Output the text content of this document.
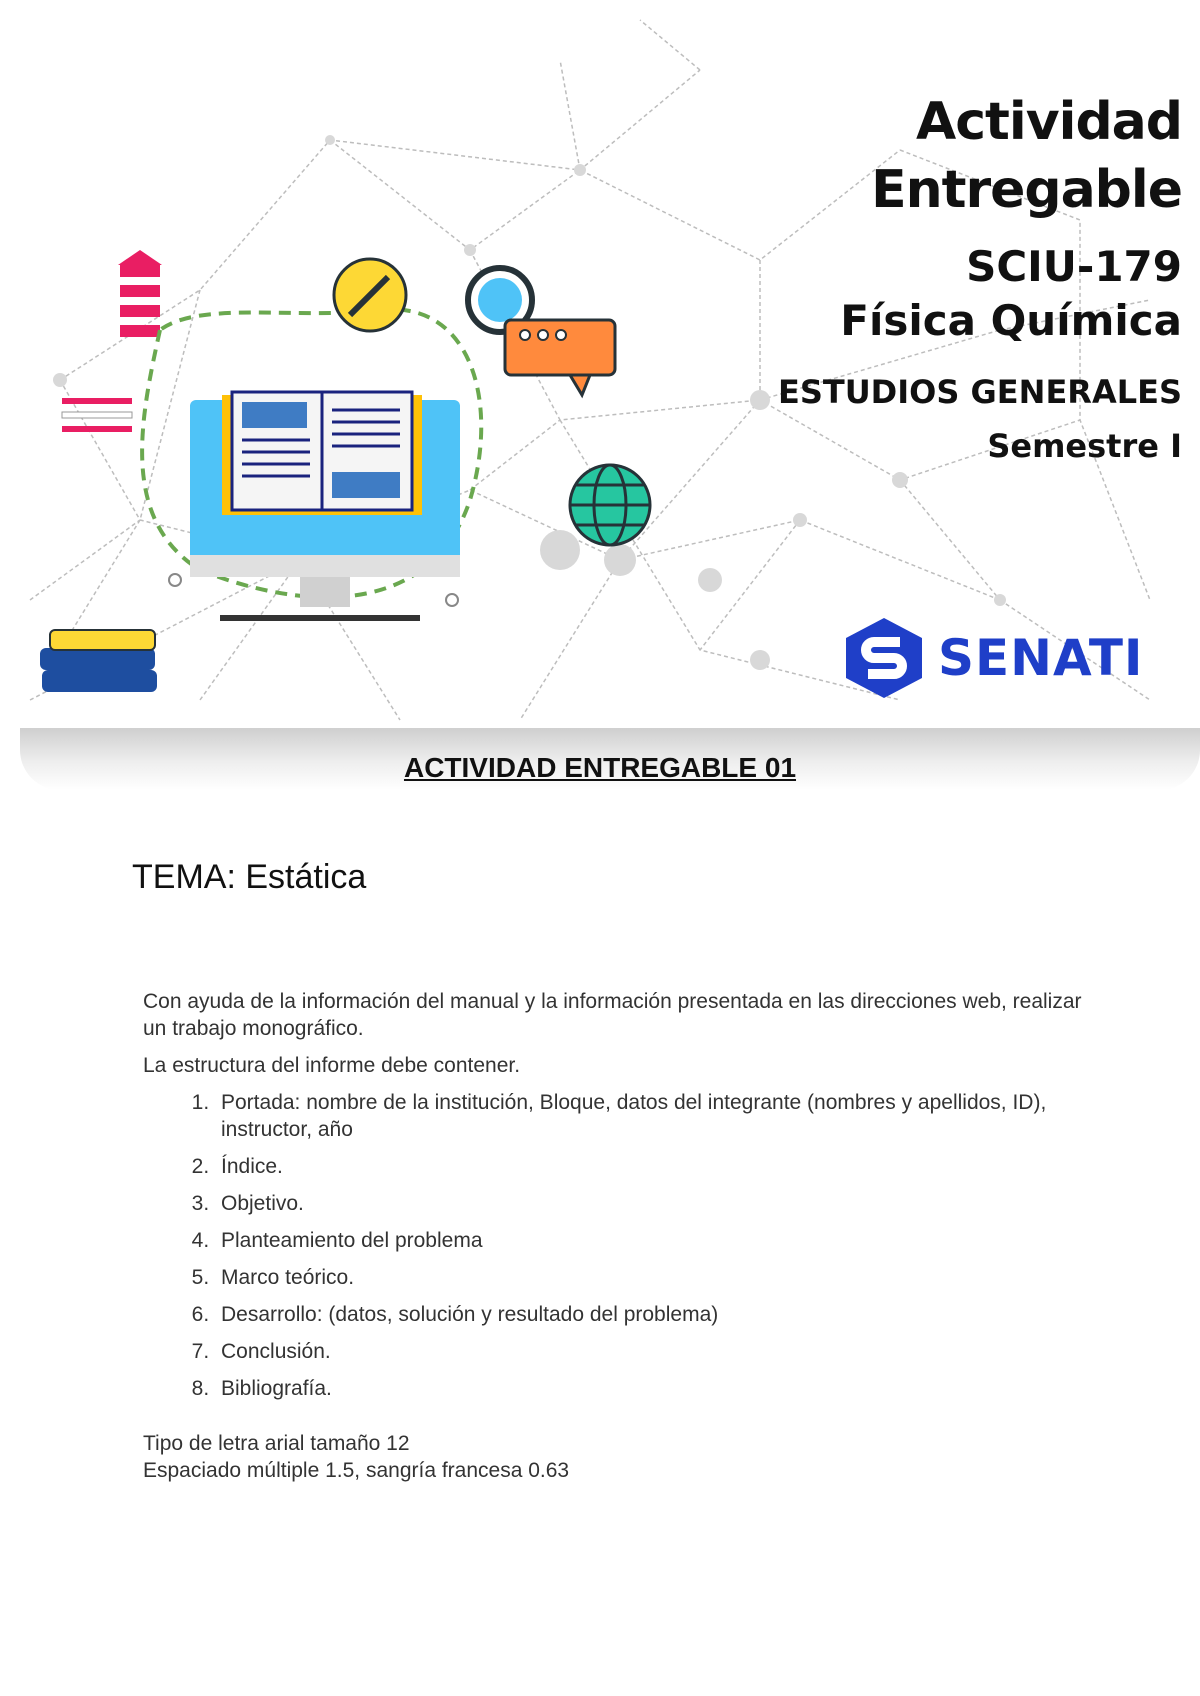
Actividad
Entregable
SCIU-179
Física Química
ESTUDIOS GENERALES
Semestre I
SENATI
ACTIVIDAD ENTREGABLE 01
TEMA: Estática

Con ayuda de la información del manual y la información presentada en las direcciones web, realizar un trabajo monográfico.

La estructura del informe debe contener.

1. Portada: nombre de la institución, Bloque, datos del integrante (nombres y apellidos, ID), instructor, año
2. Índice.
3. Objetivo.
4. Planteamiento del problema
5. Marco teórico.
6. Desarrollo: (datos, solución y resultado del problema)
7. Conclusión.
8. Bibliografía.
Tipo de letra arial tamaño 12
Espaciado múltiple 1.5, sangría francesa 0.63
